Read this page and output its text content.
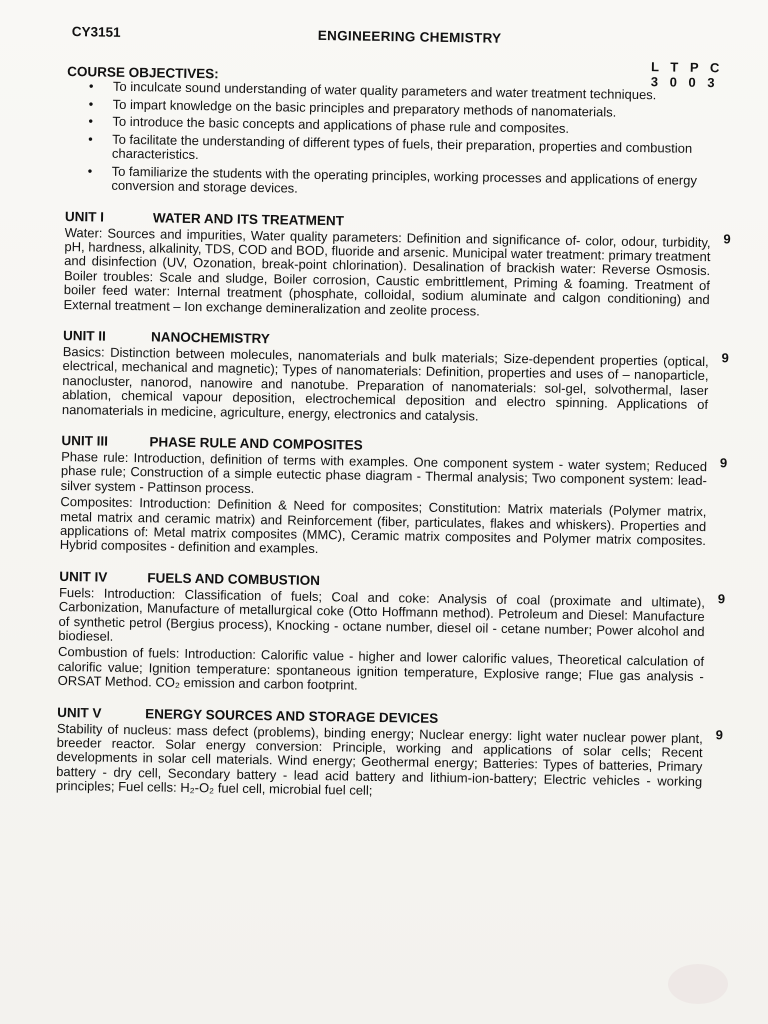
CY3151	ENGINEERING CHEMISTRY
L T P C
3 0 0 3
COURSE OBJECTIVES:
• To inculcate sound understanding of water quality parameters and water treatment techniques.
• To impart knowledge on the basic principles and preparatory methods of nanomaterials.
• To introduce the basic concepts and applications of phase rule and composites.
• To facilitate the understanding of different types of fuels, their preparation, properties and combustion characteristics.
• To familiarize the students with the operating principles, working processes and applications of energy conversion and storage devices.
UNIT I	WATER AND ITS TREATMENT
9
Water: Sources and impurities, Water quality parameters: Definition and significance of- color, odour, turbidity, pH, hardness, alkalinity, TDS, COD and BOD, fluoride and arsenic. Municipal water treatment: primary treatment and disinfection (UV, Ozonation, break-point chlorination). Desalination of brackish water: Reverse Osmosis. Boiler troubles: Scale and sludge, Boiler corrosion, Caustic embrittlement, Priming & foaming. Treatment of boiler feed water: Internal treatment (phosphate, colloidal, sodium aluminate and calgon conditioning) and External treatment – Ion exchange demineralization and zeolite process.
UNIT II	NANOCHEMISTRY
9
Basics: Distinction between molecules, nanomaterials and bulk materials; Size-dependent properties (optical, electrical, mechanical and magnetic); Types of nanomaterials: Definition, properties and uses of – nanoparticle, nanocluster, nanorod, nanowire and nanotube. Preparation of nanomaterials: sol-gel, solvothermal, laser ablation, chemical vapour deposition, electrochemical deposition and electro spinning. Applications of nanomaterials in medicine, agriculture, energy, electronics and catalysis.
UNIT III	PHASE RULE AND COMPOSITES
9
Phase rule: Introduction, definition of terms with examples. One component system - water system; Reduced phase rule; Construction of a simple eutectic phase diagram - Thermal analysis; Two component system: lead-silver system - Pattinson process.
Composites: Introduction: Definition & Need for composites; Constitution: Matrix materials (Polymer matrix, metal matrix and ceramic matrix) and Reinforcement (fiber, particulates, flakes and whiskers). Properties and applications of: Metal matrix composites (MMC), Ceramic matrix composites and Polymer matrix composites. Hybrid composites - definition and examples.
UNIT IV	FUELS AND COMBUSTION
9
Fuels: Introduction: Classification of fuels; Coal and coke: Analysis of coal (proximate and ultimate), Carbonization, Manufacture of metallurgical coke (Otto Hoffmann method). Petroleum and Diesel: Manufacture of synthetic petrol (Bergius process), Knocking - octane number, diesel oil - cetane number; Power alcohol and biodiesel.
Combustion of fuels: Introduction: Calorific value - higher and lower calorific values, Theoretical calculation of calorific value; Ignition temperature: spontaneous ignition temperature, Explosive range; Flue gas analysis - ORSAT Method. CO₂ emission and carbon footprint.
UNIT V	ENERGY SOURCES AND STORAGE DEVICES
9
Stability of nucleus: mass defect (problems), binding energy; Nuclear energy: light water nuclear power plant, breeder reactor. Solar energy conversion: Principle, working and applications of solar cells; Recent developments in solar cell materials. Wind energy; Geothermal energy; Batteries: Types of batteries, Primary battery - dry cell, Secondary battery - lead acid battery and lithium-ion-battery; Electric vehicles - working principles; Fuel cells: H₂-O₂ fuel cell, microbial fuel cell;
